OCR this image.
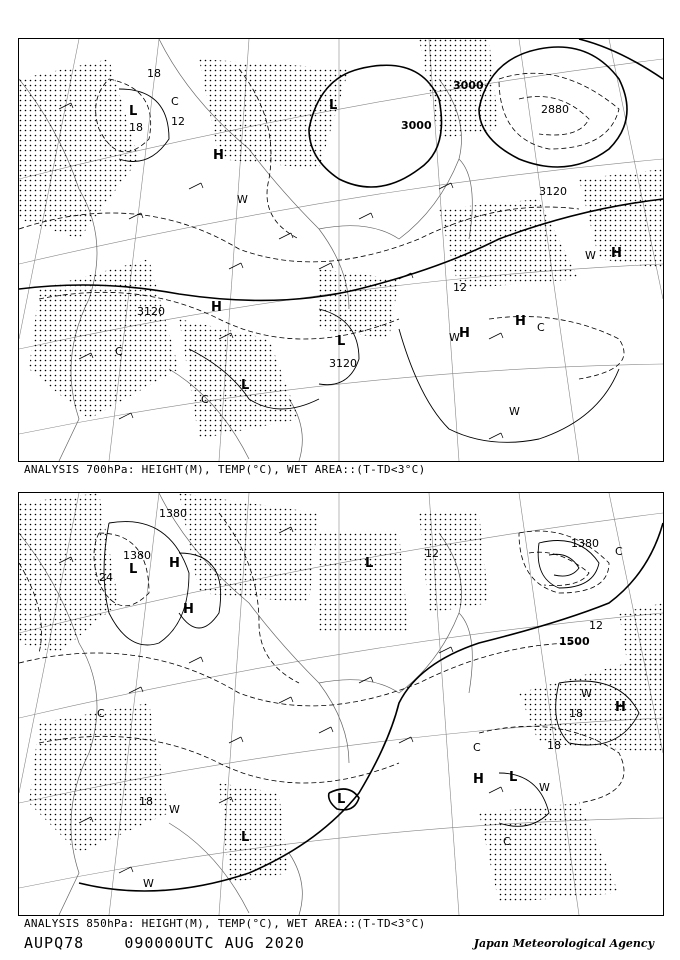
3000
3000
2880
3120
3120
3120
18
12
12
18
L	L
L
L
H
H
H
H
H
W
W
W
W
C
C
C
C
ANALYSIS 700hPa: HEIGHT(M), TEMP(°C), WET AREA::(T-TD<3°C)
1380
1380
1380
1500
24
12
18
18
18
12
L	L
L
L
L
H
H
H
H
W
W
W
W
C
C
C
C
ANALYSIS 850hPa: HEIGHT(M), TEMP(°C), WET AREA::(T-TD<3°C)
AUPQ78	090000UTC AUG 2020	Japan Meteorological Agency
